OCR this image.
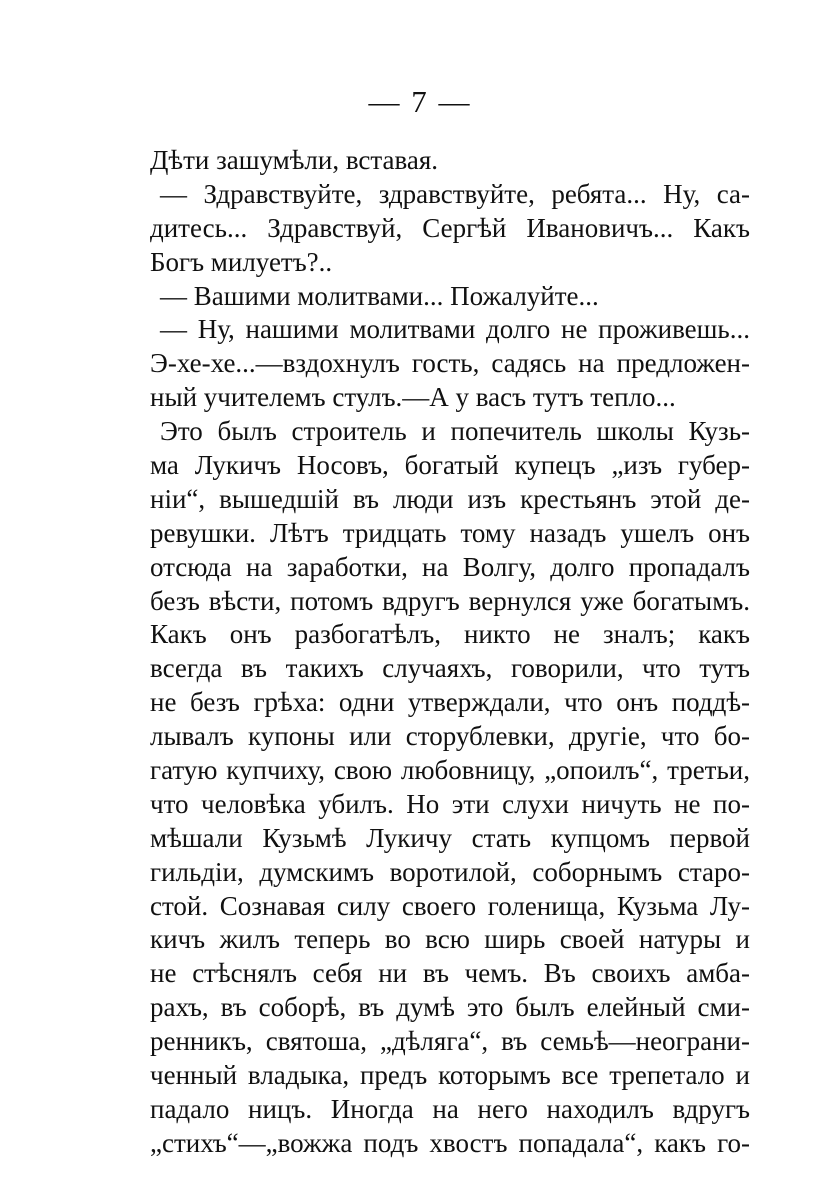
— 7 —
Дѣти зашумѣли, вставая.
— Здравствуйте, здравствуйте, ребята... Ну, са-
дитесь... Здравствуй, Сергѣй Ивановичъ... Какъ
Богъ милуетъ?..
— Вашими молитвами... Пожалуйте...
— Ну, нашими молитвами долго не проживешь...
Э-хе-хе...—вздохнулъ гость, садясь на предложен-
ный учителемъ стулъ.—А у васъ тутъ тепло...
Это былъ строитель и попечитель школы Кузь-
ма Лукичъ Носовъ, богатый купецъ „изъ губер-
ніи“, вышедшій въ люди изъ крестьянъ этой де-
ревушки. Лѣтъ тридцать тому назадъ ушелъ онъ
отсюда на заработки, на Волгу, долго пропадалъ
безъ вѣсти, потомъ вдругъ вернулся уже богатымъ.
Какъ онъ разбогатѣлъ, никто не зналъ; какъ
всегда въ такихъ случаяхъ, говорили, что тутъ
не безъ грѣха: одни утверждали, что онъ поддѣ-
лывалъ купоны или сторублевки, другіе, что бо-
гатую купчиху, свою любовницу, „опоилъ“, третьи,
что человѣка убилъ. Но эти слухи ничуть не по-
мѣшали Кузьмѣ Лукичу стать купцомъ первой
гильдіи, думскимъ воротилой, соборнымъ старо-
стой. Сознавая силу своего голенища, Кузьма Лу-
кичъ жилъ теперь во всю ширь своей натуры и
не стѣснялъ себя ни въ чемъ. Въ своихъ амба-
рахъ, въ соборѣ, въ думѣ это былъ елейный сми-
ренникъ, святоша, „дѣляга“, въ семьѣ—неограни-
ченный владыка, предъ которымъ все трепетало и
падало ницъ. Иногда на него находилъ вдругъ
„стихъ“—„вожжа подъ хвостъ попадала“, какъ го-
